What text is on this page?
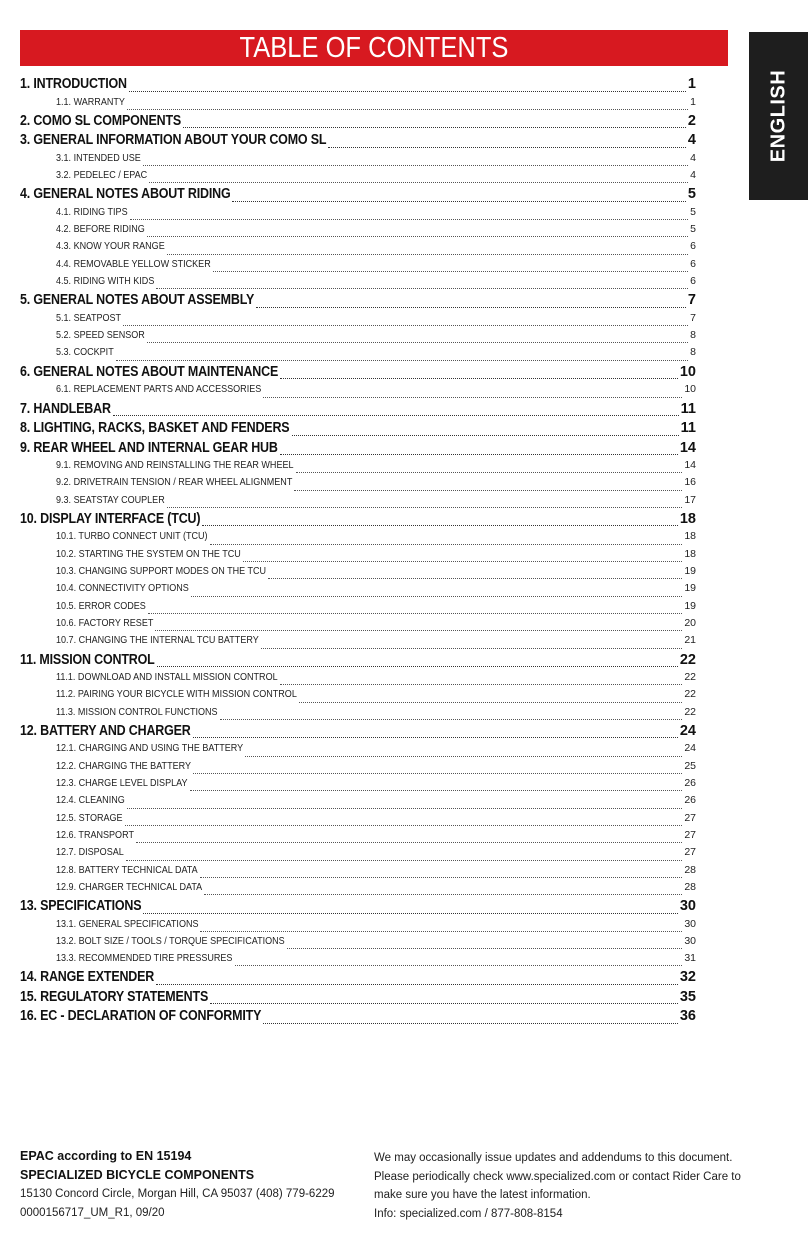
TABLE OF CONTENTS
ENGLISH
1. INTRODUCTION	1
1.1. WARRANTY	1
2. COMO SL COMPONENTS	2
3. GENERAL INFORMATION ABOUT YOUR COMO SL	4
3.1. INTENDED USE	4
3.2. PEDELEC / EPAC	4
4. GENERAL NOTES ABOUT RIDING	5
4.1. RIDING TIPS	5
4.2. BEFORE RIDING	5
4.3. KNOW YOUR RANGE	6
4.4. REMOVABLE YELLOW STICKER	6
4.5. RIDING WITH KIDS	6
5. GENERAL NOTES ABOUT ASSEMBLY	7
5.1. SEATPOST	7
5.2. SPEED SENSOR	8
5.3. COCKPIT	8
6. GENERAL NOTES ABOUT MAINTENANCE	10
6.1. REPLACEMENT PARTS AND ACCESSORIES	10
7. HANDLEBAR	11
8. LIGHTING, RACKS, BASKET AND FENDERS	11
9. REAR WHEEL AND INTERNAL GEAR HUB	14
9.1. REMOVING AND REINSTALLING THE REAR WHEEL	14
9.2. DRIVETRAIN TENSION / REAR WHEEL ALIGNMENT	16
9.3. SEATSTAY COUPLER	17
10. DISPLAY INTERFACE (TCU)	18
10.1. TURBO CONNECT UNIT (TCU)	18
10.2. STARTING THE SYSTEM ON THE TCU	18
10.3. CHANGING SUPPORT MODES ON THE TCU	19
10.4. CONNECTIVITY OPTIONS	19
10.5. ERROR CODES	19
10.6. FACTORY RESET	20
10.7. CHANGING THE INTERNAL TCU BATTERY	21
11. MISSION CONTROL	22
11.1. DOWNLOAD AND INSTALL MISSION CONTROL	22
11.2. PAIRING YOUR BICYCLE WITH MISSION CONTROL	22
11.3. MISSION CONTROL FUNCTIONS	22
12. BATTERY AND CHARGER	24
12.1. CHARGING AND USING THE BATTERY	24
12.2. CHARGING THE BATTERY	25
12.3. CHARGE LEVEL DISPLAY	26
12.4. CLEANING	26
12.5. STORAGE	27
12.6. TRANSPORT	27
12.7. DISPOSAL	27
12.8. BATTERY TECHNICAL DATA	28
12.9. CHARGER TECHNICAL DATA	28
13. SPECIFICATIONS	30
13.1. GENERAL SPECIFICATIONS	30
13.2. BOLT SIZE / TOOLS / TORQUE SPECIFICATIONS	30
13.3. RECOMMENDED TIRE PRESSURES	31
14. RANGE EXTENDER	32
15. REGULATORY STATEMENTS	35
16. EC - DECLARATION OF CONFORMITY	36
EPAC according to EN 15194
SPECIALIZED BICYCLE COMPONENTS
15130 Concord Circle, Morgan Hill, CA 95037 (408) 779-6229
0000156717_UM_R1, 09/20
We may occasionally issue updates and addendums to this document.
Please periodically check www.specialized.com or contact Rider Care to
make sure you have the latest information.
Info: specialized.com / 877-808-8154
